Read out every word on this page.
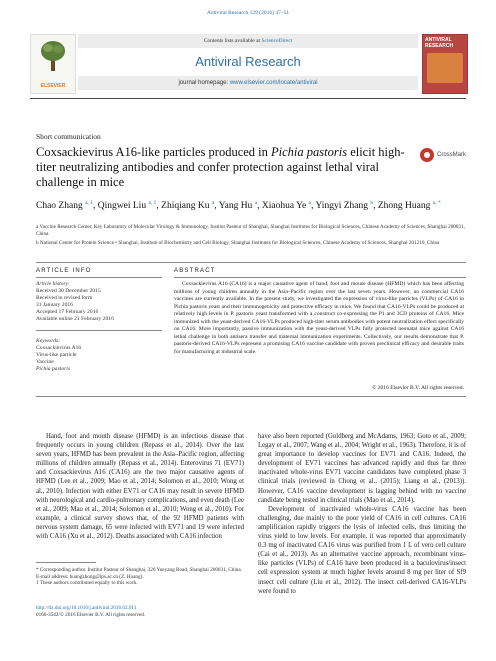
Antiviral Research 129 (2016) 47–51
ELSEVIER
Contents lists available at ScienceDirect
Antiviral Research
journal homepage: www.elsevier.com/locate/antiviral
ANTIVIRAL RESEARCH
Short communication
Coxsackievirus A16-like particles produced in Pichia pastoris elicit high-titer neutralizing antibodies and confer protection against lethal viral challenge in mice
CrossMark
Chao Zhang $^{a, 1}$, Qingwei Liu $^{a, 1}$, Zhiqiang Ku $^a$, Yang Hu $^a$, Xiaohua Ye $^a$, Yingyi Zhang $^b$, Zhong Huang $^{a, *}$

a Vaccine Research Center, Key Laboratory of Molecular Virology & Immunology, Institut Pasteur of Shanghai, Shanghai Institutes for Biological Sciences, Chinese Academy of Sciences, Shanghai 200031, China

b National Center for Protein Science • Shanghai, Institute of Biochemistry and Cell Biology, Shanghai Institutes for Biological Sciences, Chinese Academy of Sciences, Shanghai 201210, China

ARTICLE INFO	ABSTRACT

Article history:

Received 30 December 2015

Received in revised form

31 January 2016

Accepted 17 February 2016

Available online 21 February 2016

Keywords:

Coxsackievirus A16

Virus-like particle

Vaccine

Pichia pastoris

Coxsackievirus A16 (CA16) is a major causative agent of hand, foot and mouse disease (HFMD) which has been affecting millions of young children annually in the Asia–Pacific region over the last seven years. However, no commercial CA16 vaccines are currently available. In the present study, we investigated the expression of virus-like particles (VLPs) of CA16 in Pichia pastoris yeast and their immunogenicity and protective efficacy in mice. We found that CA16-VLPs could be produced at relatively high levels in P. pastoris yeast transformed with a construct co-expressing the P1 and 3CD proteins of CA16. Mice immunized with the yeast-derived CA16-VLPs produced high-titer serum antibodies with potent neutralization effect specifically on CA16. More importantly, passive immunization with the yeast-derived VLPs fully protected neonatal mice against CA16 lethal challenge in both antisera transfer and maternal immunization experiments. Collectively, our results demonstrate that P. pastoris-derived CA16-VLPs represent a promising CA16 vaccine candidate with proven preclinical efficacy and desirable traits for manufacturing at industrial scale.

© 2016 Elsevier B.V. All rights reserved.

Hand, foot and mouth disease (HFMD) is an infectious disease that frequently occurs in young children (Repass et al., 2014). Over the last seven years, HFMD has been prevalent in the Asia–Pacific region, affecting millions of children annually (Repass et al., 2014). Enterovirus 71 (EV71) and Coxsackievirus A16 (CA16) are the two major causative agents of HFMD (Lee et al., 2009; Mao et al., 2014; Solomon et al., 2010; Wong et al., 2010). Infection with either EV71 or CA16 may result in severe HFMD with neurological and cardio-pulmonary complications, and even death (Lee et al., 2009; Mao et al., 2014; Solomon et al., 2010; Wong et al., 2010). For example, a clinical survey shows that, of the 92 HFMD patients with nervous system damage, 65 were infected with EV71 and 19 were infected with CA16 (Xu et al., 2012). Deaths associated with CA16 infection

have also been reported (Goldberg and McAdams, 1963; Goto et al., 2009; Legay et al., 2007; Wang et al., 2004; Wright et al., 1963). Therefore, it is of great importance to develop vaccines for EV71 and CA16. Indeed, the development of EV71 vaccines has advanced rapidly and thus far three inactivated whole-virus EV71 vaccine candidates have completed phase 3 clinical trials (reviewed in Chong et al., (2015); Liang et al., (2013)). However, CA16 vaccine development is lagging behind with no vaccine candidate being tested in clinical trials (Mao et al., 2014).

Development of inactivated whole-virus CA16 vaccine has been challenging, due mainly to the poor yield of CA16 in cell cultures. CA16 amplification rapidly triggers the lysis of infected cells, thus limiting the virus yield to low levels. For example, it was reported that approximately 0.3 mg of inactivated CA16 virus was purified from 1 L of vero cell culture (Cai et al., 2013). As an alternative vaccine approach, recombinant virus-like particles (VLPs) of CA16 have been produced in a baculovirus/insect cell expression system at much higher levels around 8 mg per liter of Sf9 insect cell culture (Liu et al., 2012). The insect cell-derived CA16-VLPs were found to

* Corresponding author. Institut Pasteur of Shanghai, 320 Yueyang Road, Shanghai 200031, China.

E-mail address: huangzhong@ips.ac.cn (Z. Huang).

1 These authors contributed equally to this work.

http://dx.doi.org/10.1016/j.antiviral.2016.02.011

0166-3542/© 2016 Elsevier B.V. All rights reserved.
